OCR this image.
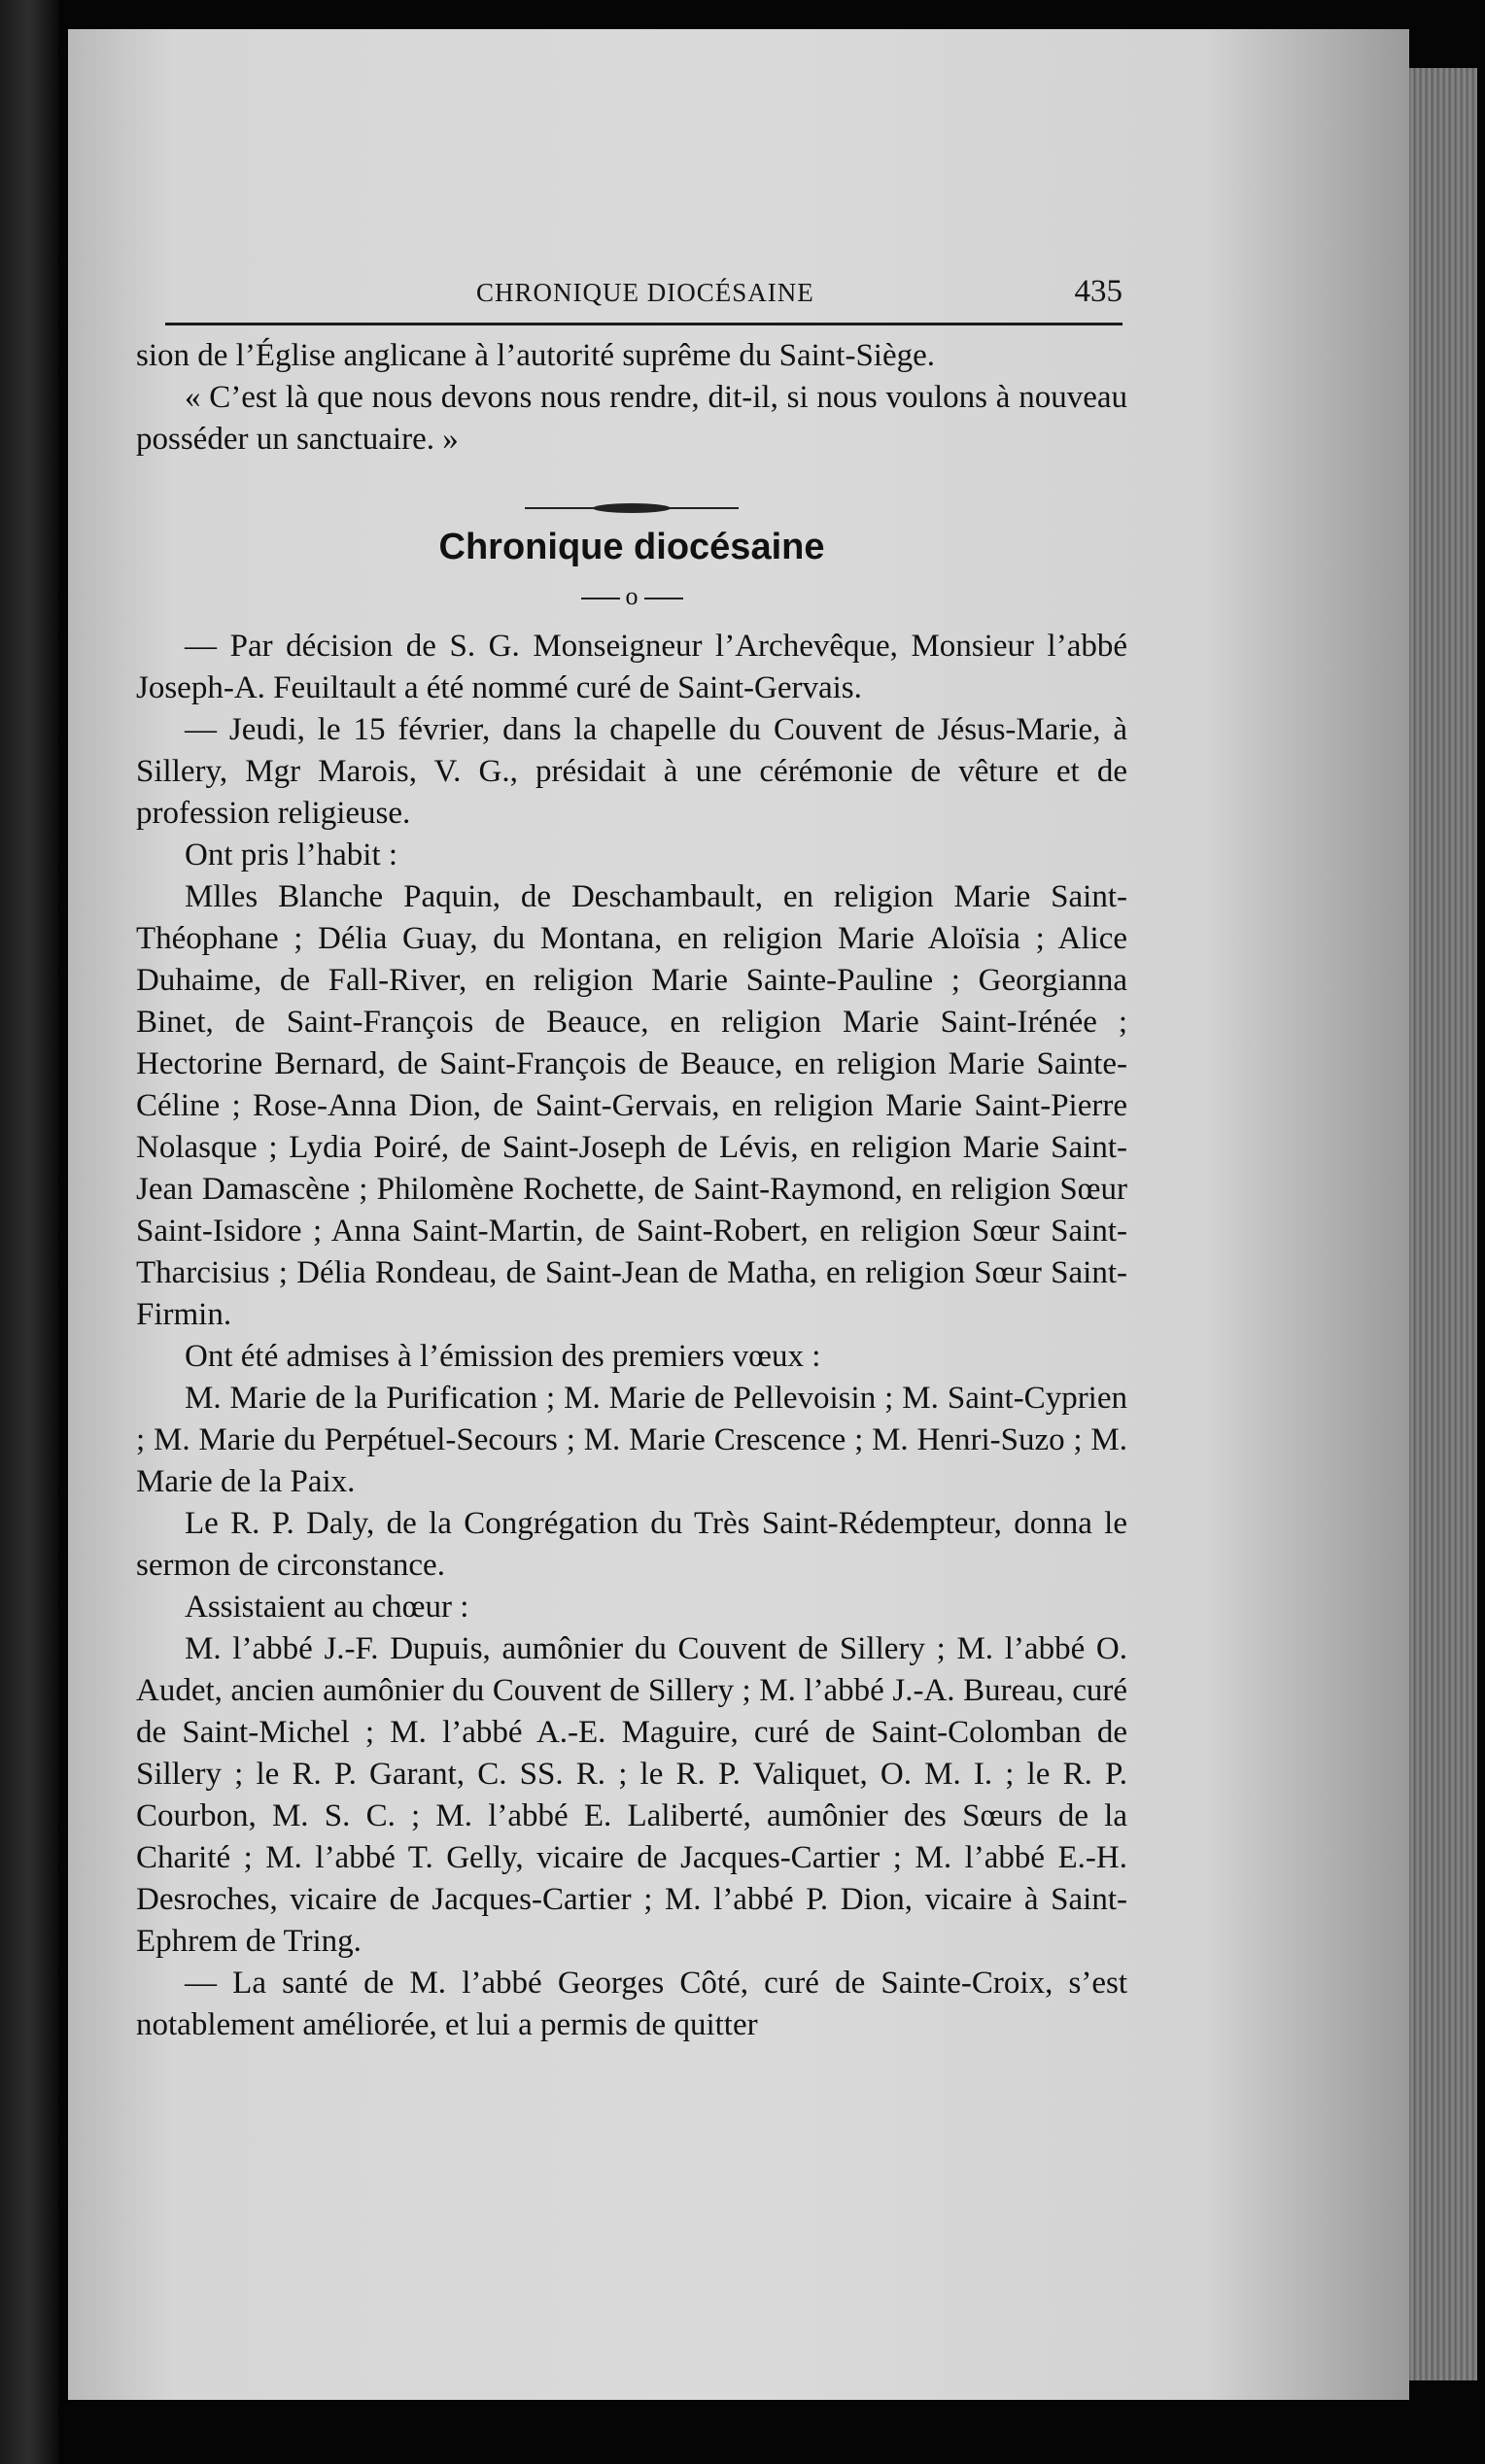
CHRONIQUE DIOCÉSAINE	435

sion de l’Église anglicane à l’autorité suprême du Saint-Siège.

« C’est là que nous devons nous rendre, dit-il, si nous voulons à nouveau posséder un sanctuaire. »

Chronique diocésaine
o

— Par décision de S. G. Monseigneur l’Archevêque, Monsieur l’abbé Joseph-A. Feuiltault a été nommé curé de Saint-Gervais.

— Jeudi, le 15 février, dans la chapelle du Couvent de Jésus-Marie, à Sillery, Mgr Marois, V. G., présidait à une cérémonie de vêture et de profession religieuse.

Ont pris l’habit :

Mlles Blanche Paquin, de Deschambault, en religion Marie Saint-Théophane ; Délia Guay, du Montana, en religion Marie Aloïsia ; Alice Duhaime, de Fall-River, en religion Marie Sainte-Pauline ; Georgianna Binet, de Saint-François de Beauce, en religion Marie Saint-Irénée ; Hectorine Bernard, de Saint-François de Beauce, en religion Marie Sainte-Céline ; Rose-Anna Dion, de Saint-Gervais, en religion Marie Saint-Pierre Nolasque ; Lydia Poiré, de Saint-Joseph de Lévis, en religion Marie Saint-Jean Damascène ; Philomène Rochette, de Saint-Raymond, en religion Sœur Saint-Isidore ; Anna Saint-Martin, de Saint-Robert, en religion Sœur Saint-Tharcisius ; Délia Rondeau, de Saint-Jean de Matha, en religion Sœur Saint-Firmin.

Ont été admises à l’émission des premiers vœux :

M. Marie de la Purification ; M. Marie de Pellevoisin ; M. Saint-Cyprien ; M. Marie du Perpétuel-Secours ; M. Marie Crescence ; M. Henri-Suzo ; M. Marie de la Paix.

Le R. P. Daly, de la Congrégation du Très Saint-Rédempteur, donna le sermon de circonstance.

Assistaient au chœur :

M. l’abbé J.-F. Dupuis, aumônier du Couvent de Sillery ; M. l’abbé O. Audet, ancien aumônier du Couvent de Sillery ; M. l’abbé J.-A. Bureau, curé de Saint-Michel ; M. l’abbé A.-E. Maguire, curé de Saint-Colomban de Sillery ; le R. P. Garant, C. SS. R. ; le R. P. Valiquet, O. M. I. ; le R. P. Courbon, M. S. C. ; M. l’abbé E. Laliberté, aumônier des Sœurs de la Charité ; M. l’abbé T. Gelly, vicaire de Jacques-Cartier ; M. l’abbé E.-H. Desroches, vicaire de Jacques-Cartier ; M. l’abbé P. Dion, vicaire à Saint-Ephrem de Tring.

— La santé de M. l’abbé Georges Côté, curé de Sainte-Croix, s’est notablement améliorée, et lui a permis de quitter
